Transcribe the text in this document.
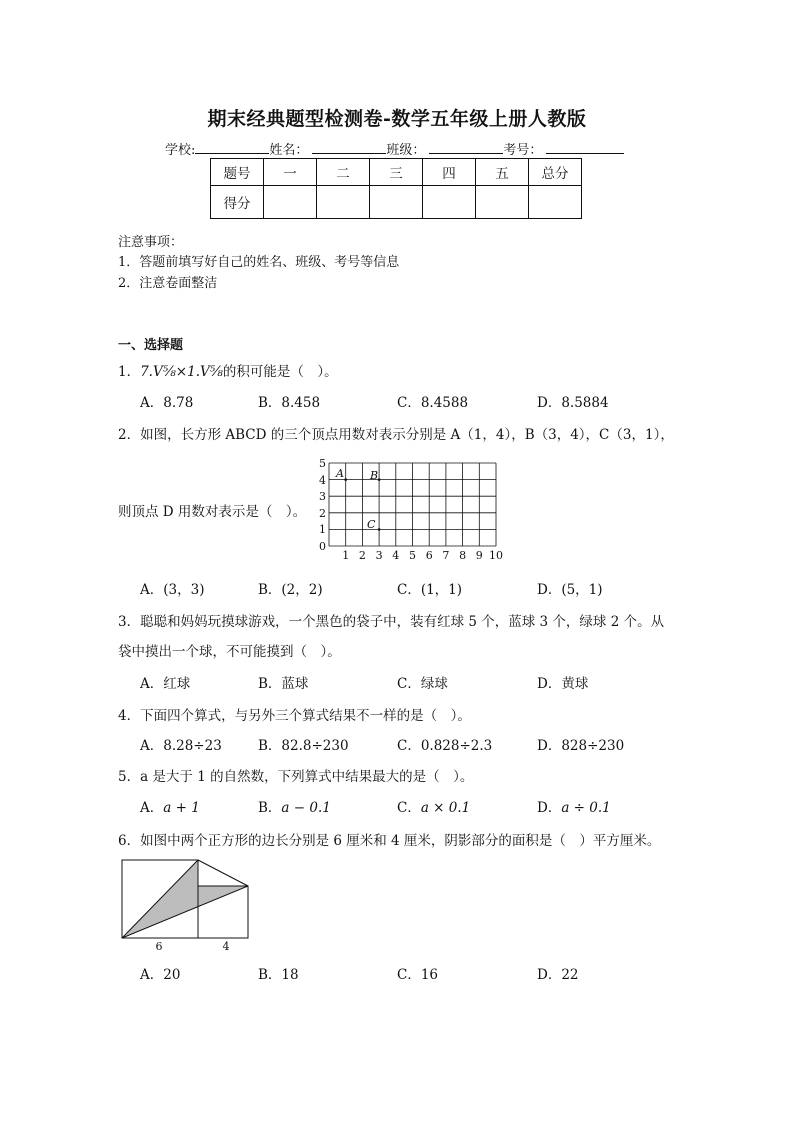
期末经典题型检测卷-数学五年级上册人教版
学校:	姓名：	班级：	考号：
题号	一	二	三	四	五	总分
得分						
注意事项：
1．答题前填写好自己的姓名、班级、考号等信息
2．注意卷面整洁
一、选择题
1．7.V⅝×1.V⅝的积可能是（　）。
A．8.78	B．8.458	C．8.4588	D．8.5884
2．如图，长方形 ABCD 的三个顶点用数对表示分别是 A（1，4），B（3，4），C（3，1），
则顶点 D 用数对表示是（　）。
0
1
2
3
4
5
1 2 3 4 5 6 7 8 9 10
A B
C
A．(3，3)	B．(2，2)	C．(1，1)	D．(5，1)
3．聪聪和妈妈玩摸球游戏，一个黑色的袋子中，装有红球 5 个，蓝球 3 个，绿球 2 个。从
袋中摸出一个球，不可能摸到（　）。
A．红球	B．蓝球	C．绿球	D．黄球
4．下面四个算式，与另外三个算式结果不一样的是（　）。
A．8.28÷23	B．82.8÷230	C．0.828÷2.3	D．828÷230
5．a 是大于 1 的自然数，下列算式中结果最大的是（　）。
A．a + 1	B．a − 0.1	C．a × 0.1	D．a ÷ 0.1
6．如图中两个正方形的边长分别是 6 厘米和 4 厘米，阴影部分的面积是（　）平方厘米。
6	4
A．20	B．18	C．16	D．22
